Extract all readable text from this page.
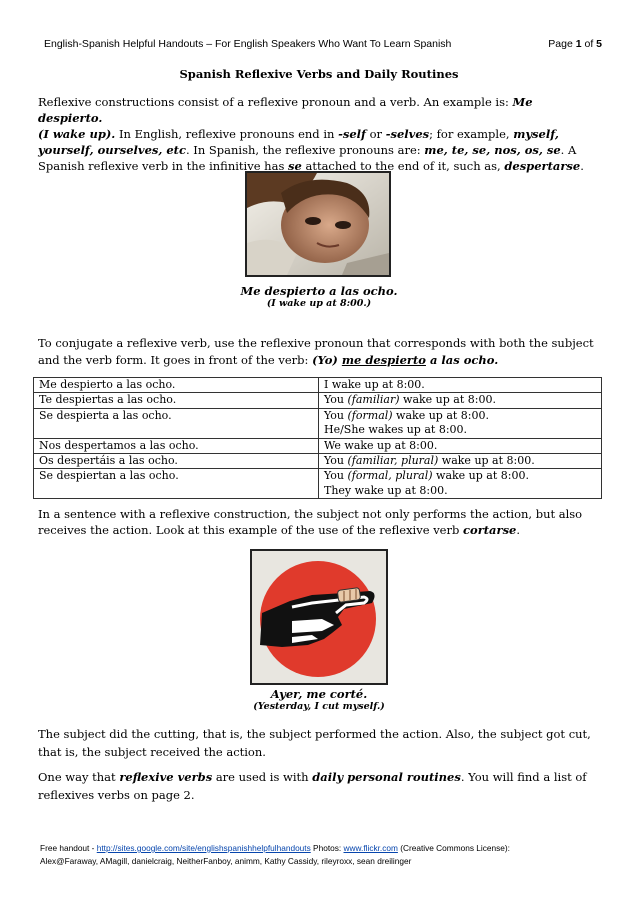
English-Spanish Helpful Handouts – For English Speakers Who Want To Learn Spanish	Page 1 of 5
Spanish Reflexive Verbs and Daily Routines

Reflexive constructions consist of a reflexive pronoun and a verb. An example is: Me despierto.
(I wake up). In English, reflexive pronouns end in -self or -selves; for example, myself,
yourself, ourselves, etc. In Spanish, the reflexive pronouns are: me, te, se, nos, os, se. A
Spanish reflexive verb in the infinitive has se attached to the end of it, such as, despertarse.

Me despierto a las ocho.
(I wake up at 8:00.)

To conjugate a reflexive verb, use the reflexive pronoun that corresponds with both the subject
and the verb form. It goes in front of the verb: (Yo) me despierto a las ocho.

Me despierto a las ocho.	I wake up at 8:00.
Te despiertas a las ocho.	You (familiar) wake up at 8:00.
Se despierta a las ocho.	You (formal) wake up at 8:00.
He/She wakes up at 8:00.
Nos despertamos a las ocho.	We wake up at 8:00.
Os despertáis a las ocho.	You (familiar, plural) wake up at 8:00.
Se despiertan a las ocho.	You (formal, plural) wake up at 8:00.
They wake up at 8:00.

In a sentence with a reflexive construction, the subject not only performs the action, but also
receives the action. Look at this example of the use of the reflexive verb cortarse.

Ayer, me corté.
(Yesterday, I cut myself.)

The subject did the cutting, that is, the subject performed the action. Also, the subject got cut,
that is, the subject received the action.

One way that reflexive verbs are used is with daily personal routines. You will find a list of
reflexives verbs on page 2.

Free handout - http://sites.google.com/site/englishspanishhelpfulhandouts Photos: www.flickr.com (Creative Commons License):
Alex@Faraway, AMagill, danielcraig, NeitherFanboy, animm, Kathy Cassidy, rileyroxx, sean dreilinger
